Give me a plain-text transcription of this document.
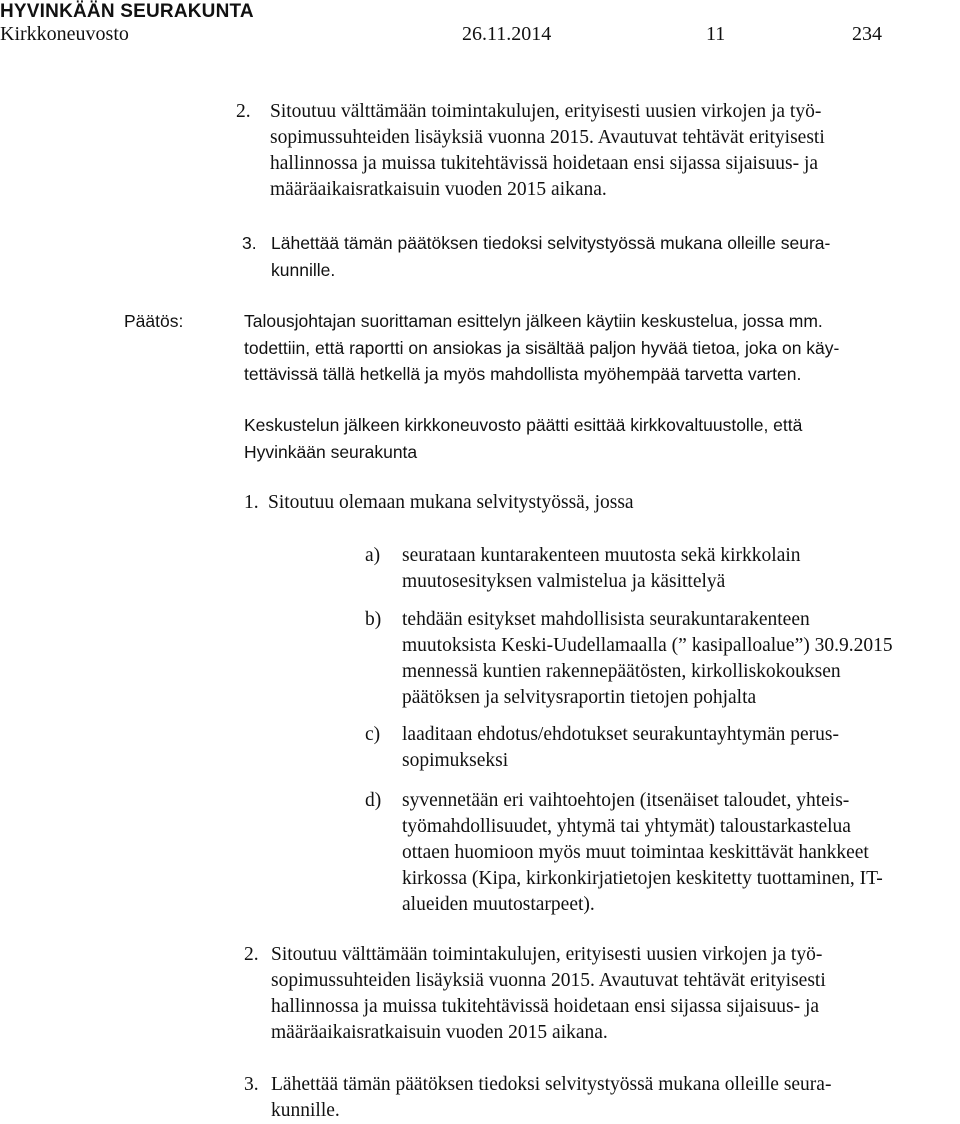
HYVINKÄÄN SEURAKUNTA
Kirkkoneuvosto	26.11.2014	11	234
2. Sitoutuu välttämään toimintakulujen, erityisesti uusien virkojen ja työ-
sopimussuhteiden lisäyksiä vuonna 2015. Avautuvat tehtävät erityisesti
hallinnossa ja muissa tukitehtävissä hoidetaan ensi sijassa sijaisuus- ja
määräaikaisratkaisuin vuoden 2015 aikana.
3. Lähettää tämän päätöksen tiedoksi selvitystyössä mukana olleille seura-
kunnille.
Päätös:	Talousjohtajan suorittaman esittelyn jälkeen käytiin keskustelua, jossa mm.
todettiin, että raportti on ansiokas ja sisältää paljon hyvää tietoa, joka on käy-
tettävissä tällä hetkellä ja myös mahdollista myöhempää tarvetta varten.
Keskustelun jälkeen kirkkoneuvosto päätti esittää kirkkovaltuustolle, että
Hyvinkään seurakunta
1. Sitoutuu olemaan mukana selvitystyössä, jossa
a) seurataan kuntarakenteen muutosta sekä kirkkolain
muutosesityksen valmistelua ja käsittelyä
b) tehdään esitykset mahdollisista seurakuntarakenteen
muutoksista Keski-Uudellamaalla (” kasipalloalue”) 30.9.2015
mennessä kuntien rakennepäätösten, kirkolliskokouksen
päätöksen ja selvitysraportin tietojen pohjalta
c) laaditaan ehdotus/ehdotukset seurakuntayhtymän perus-
sopimukseksi
d) syvennetään eri vaihtoehtojen (itsenäiset taloudet, yhteis-
työmahdollisuudet, yhtymä tai yhtymät) taloustarkastelua
ottaen huomioon myös muut toimintaa keskittävät hankkeet
kirkossa (Kipa, kirkonkirjatietojen keskitetty tuottaminen, IT-
alueiden muutostarpeet).
2. Sitoutuu välttämään toimintakulujen, erityisesti uusien virkojen ja työ-
sopimussuhteiden lisäyksiä vuonna 2015. Avautuvat tehtävät erityisesti
hallinnossa ja muissa tukitehtävissä hoidetaan ensi sijassa sijaisuus- ja
määräaikaisratkaisuin vuoden 2015 aikana.
3. Lähettää tämän päätöksen tiedoksi selvitystyössä mukana olleille seura-
kunnille.
